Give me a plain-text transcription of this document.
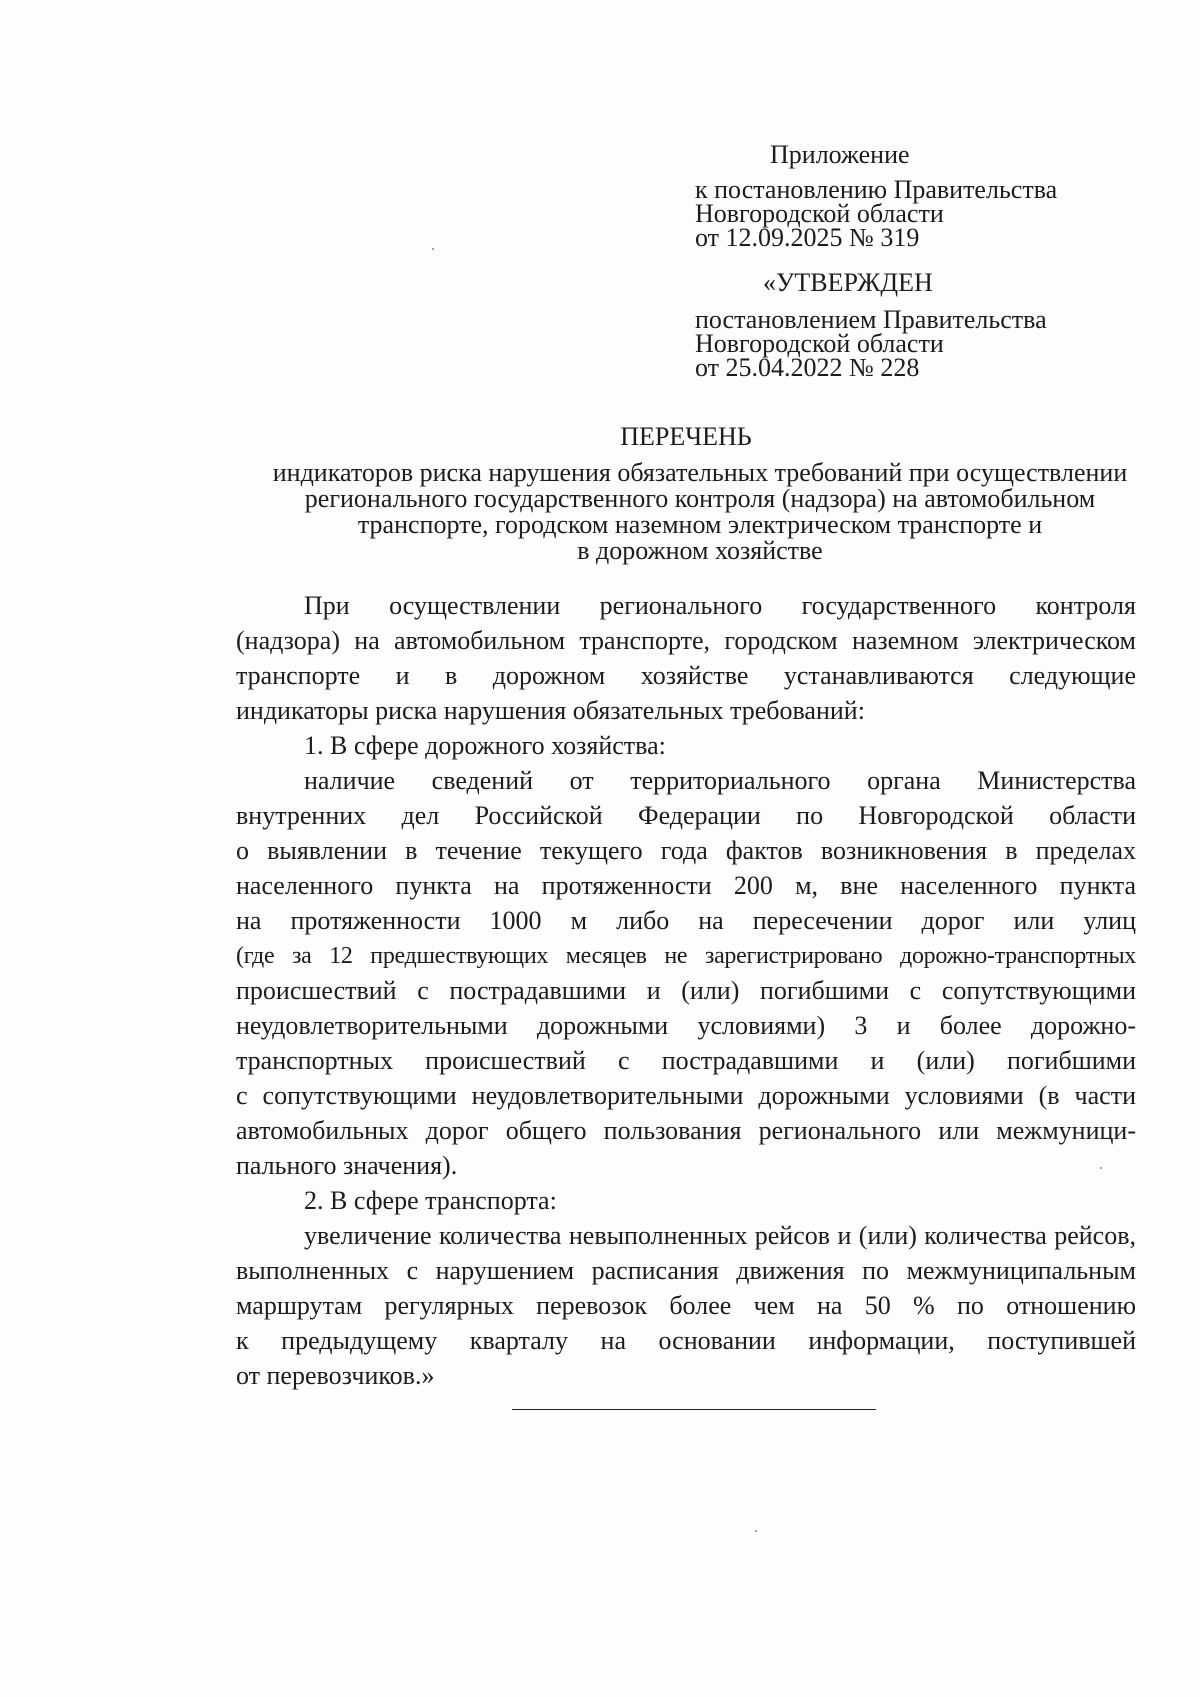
Приложение
к постановлению Правительства
Новгородской области
от 12.09.2025 № 319
«УТВЕРЖДЕН
постановлением Правительства
Новгородской области
от 25.04.2022 № 228
ПЕРЕЧЕНЬ
индикаторов риска нарушения обязательных требований при осуществлении
регионального государственного контроля (надзора) на автомобильном
транспорте, городском наземном электрическом транспорте и
в дорожном хозяйстве
При осуществлении регионального государственного контроля
(надзора) на автомобильном транспорте, городском наземном электрическом
транспорте и в дорожном хозяйстве устанавливаются следующие
индикаторы риска нарушения обязательных требований:
1. В сфере дорожного хозяйства:
наличие сведений от территориального органа Министерства
внутренних дел Российской Федерации по Новгородской области
о выявлении в течение текущего года фактов возникновения в пределах
населенного пункта на протяженности 200 м, вне населенного пункта
на протяженности 1000 м либо на пересечении дорог или улиц
(где за 12 предшествующих месяцев не зарегистрировано дорожно-транспортных
происшествий с пострадавшими и (или) погибшими с сопутствующими
неудовлетворительными дорожными условиями) 3 и более дорожно-
транспортных происшествий с пострадавшими и (или) погибшими
с сопутствующими неудовлетворительными дорожными условиями (в части
автомобильных дорог общего пользования регионального или межмуници-
пального значения).
2. В сфере транспорта:
увеличение количества невыполненных рейсов и (или) количества рейсов,
выполненных с нарушением расписания движения по межмуниципальным
маршрутам регулярных перевозок более чем на 50 % по отношению
к предыдущему кварталу на основании информации, поступившей
от перевозчиков.»
